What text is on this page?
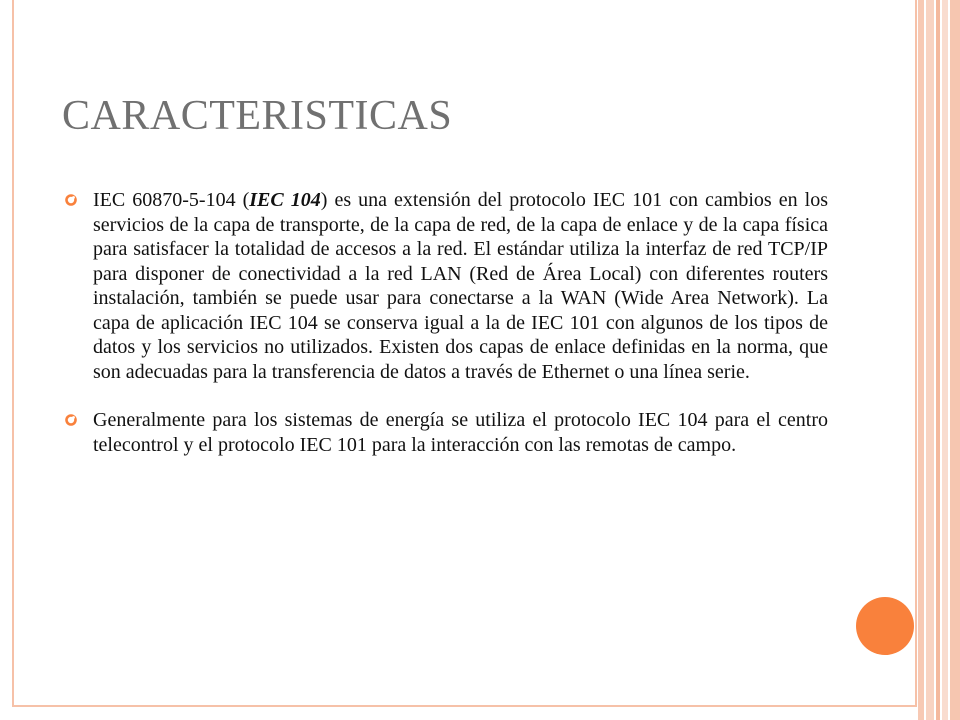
CARACTERISTICAS
IEC 60870-5-104 (IEC 104) es una extensión del protocolo IEC 101 con cambios en los servicios de la capa de transporte, de la capa de red, de la capa de enlace y de la capa física para satisfacer la totalidad de accesos a la red. El estándar utiliza la interfaz de red TCP/IP para disponer de conectividad a la red LAN (Red de Área Local) con diferentes routers instalación, también se puede usar para conectarse a la WAN (Wide Area Network). La capa de aplicación IEC 104 se conserva igual a la de IEC 101 con algunos de los tipos de datos y los servicios no utilizados. Existen dos capas de enlace definidas en la norma, que son adecuadas para la transferencia de datos a través de Ethernet o una línea serie.
Generalmente para los sistemas de energía se utiliza el protocolo IEC 104 para el centro telecontrol y el protocolo IEC 101 para la interacción con las remotas de campo.
